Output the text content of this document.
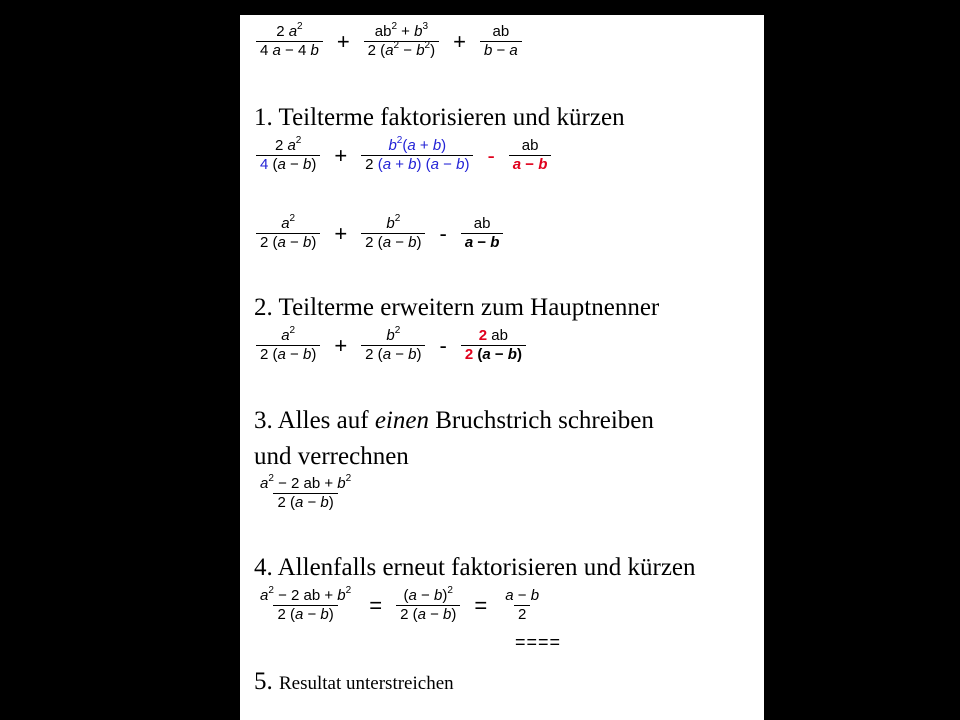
$\frac{2 a^2}{4 a - 4 b} + \frac{ab^2 + b^3}{2 (a^2 - b^2)} + \frac{ab}{b - a}$
1. Teilterme faktorisieren und kürzen
$\frac{2 a^2}{4 (a - b)} + \frac{b^2(a + b)}{2 (a + b) (a - b)} - \frac{ab}{a - b}$
$\frac{a^2}{2 (a - b)} + \frac{b^2}{2 (a - b)} - \frac{ab}{a - b}$
2. Teilterme erweitern zum Hauptnenner
$\frac{a^2}{2 (a - b)} + \frac{b^2}{2 (a - b)} - \frac{2 ab}{2 (a - b)}$
3. Alles auf einen Bruchstrich schreiben
und verrechnen
$\frac{a^2 - 2 ab + b^2}{2 (a - b)}$
4. Allenfalls erneut faktorisieren und kürzen
$\frac{a^2 - 2 ab + b^2}{2 (a - b)} = \frac{(a - b)^2}{2 (a - b)} = \frac{a - b}{2}$
====
5. Resultat unterstreichen
